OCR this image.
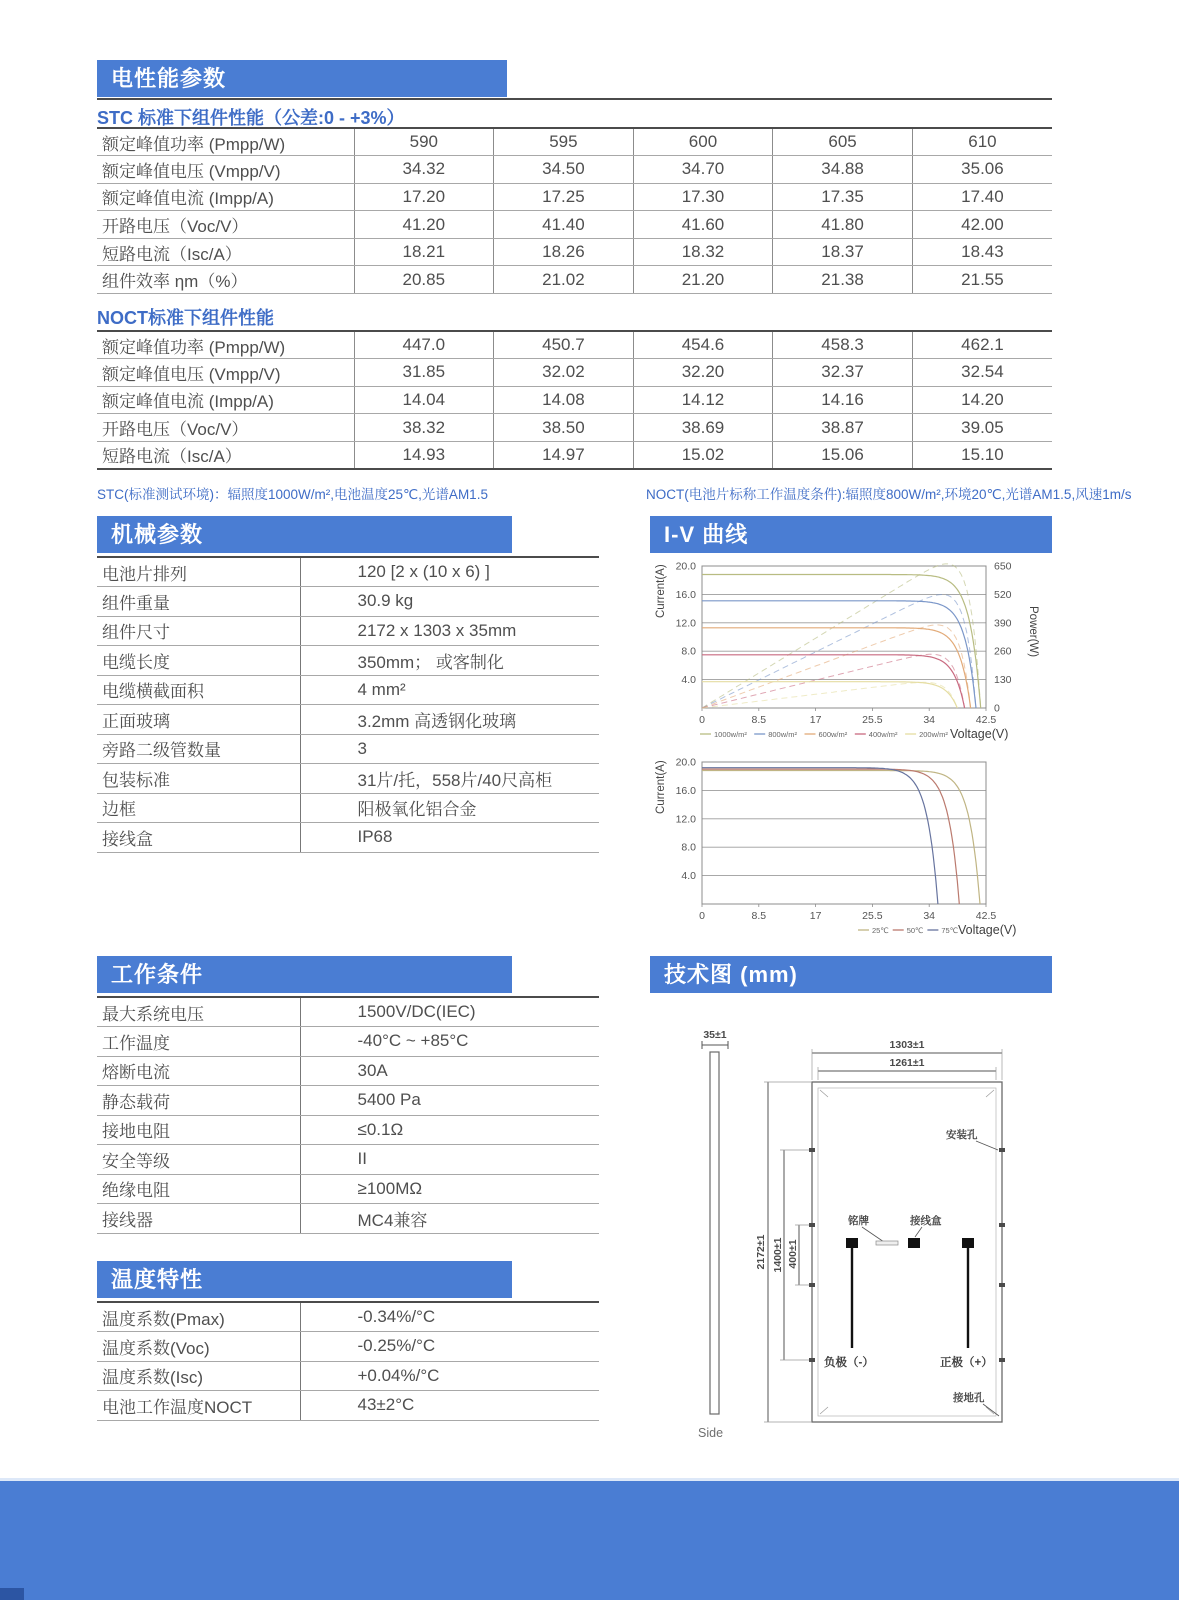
电性能参数
STC 标准下组件性能（公差:0 - +3%）
额定峰值功率 (Pmpp/W)	590	595	600	605	610
额定峰值电压 (Vmpp/V)	34.32	34.50	34.70	34.88	35.06
额定峰值电流 (Impp/A)	17.20	17.25	17.30	17.35	17.40
开路电压（Voc/V）	41.20	41.40	41.60	41.80	42.00
短路电流（Isc/A）	18.21	18.26	18.32	18.37	18.43
组件效率 ηm（%）	20.85	21.02	21.20	21.38	21.55
NOCT标准下组件性能
额定峰值功率 (Pmpp/W)	447.0	450.7	454.6	458.3	462.1
额定峰值电压 (Vmpp/V)	31.85	32.02	32.20	32.37	32.54
额定峰值电流 (Impp/A)	14.04	14.08	14.12	14.16	14.20
开路电压（Voc/V）	38.32	38.50	38.69	38.87	39.05
短路电流（Isc/A）	14.93	14.97	15.02	15.06	15.10
STC(标准测试环境)：辐照度1000W/m²,电池温度25℃,光谱AM1.5	NOCT(电池片标称工作温度条件):辐照度800W/m²,环境20℃,光谱AM1.5,风速1m/s
机械参数
电池片排列	120 [2 x (10 x 6) ]
组件重量	30.9 kg
组件尺寸	2172 x 1303 x 35mm
电缆长度	350mm； 或客制化
电缆横截面积	4 mm²
正面玻璃	3.2mm 高透钢化玻璃
旁路二级管数量	3
包装标准	31片/托，558片/40尺高柜
边框	阳极氧化铝合金
接线盒	IP68
I-V 曲线
4.0
8.0
12.0
16.0
20.0
0	8.5	17	25.5	34	42.5
0
130
260
390
520
650
Power(W)
Current(A)
1000w/m²	800w/m²	600w/m²	400w/m²	200w/m² Voltage(V)
4.0
8.0
12.0
16.0
20.0
0	8.5	17	25.5	34	42.5
Current(A)
25℃ 50℃ 75℃ Voltage(V)
工作条件
最大系统电压	1500V/DC(IEC)
工作温度	-40°C ~ +85°C
熔断电流	30A
静态载荷	5400 Pa
接地电阻	≤0.1Ω
安全等级	II
绝缘电阻	≥100MΩ
接线器	MC4兼容
技术图 (mm)
35±1
Side
1303±1
1261±1
2172±1 1400±1 400±1
安装孔
铭牌	接线盒
负极（-）	正极（+）
接地孔
温度特性
温度系数(Pmax)	-0.34%/°C
温度系数(Voc)	-0.25%/°C
温度系数(Isc)	+0.04%/°C
电池工作温度NOCT	43±2°C
